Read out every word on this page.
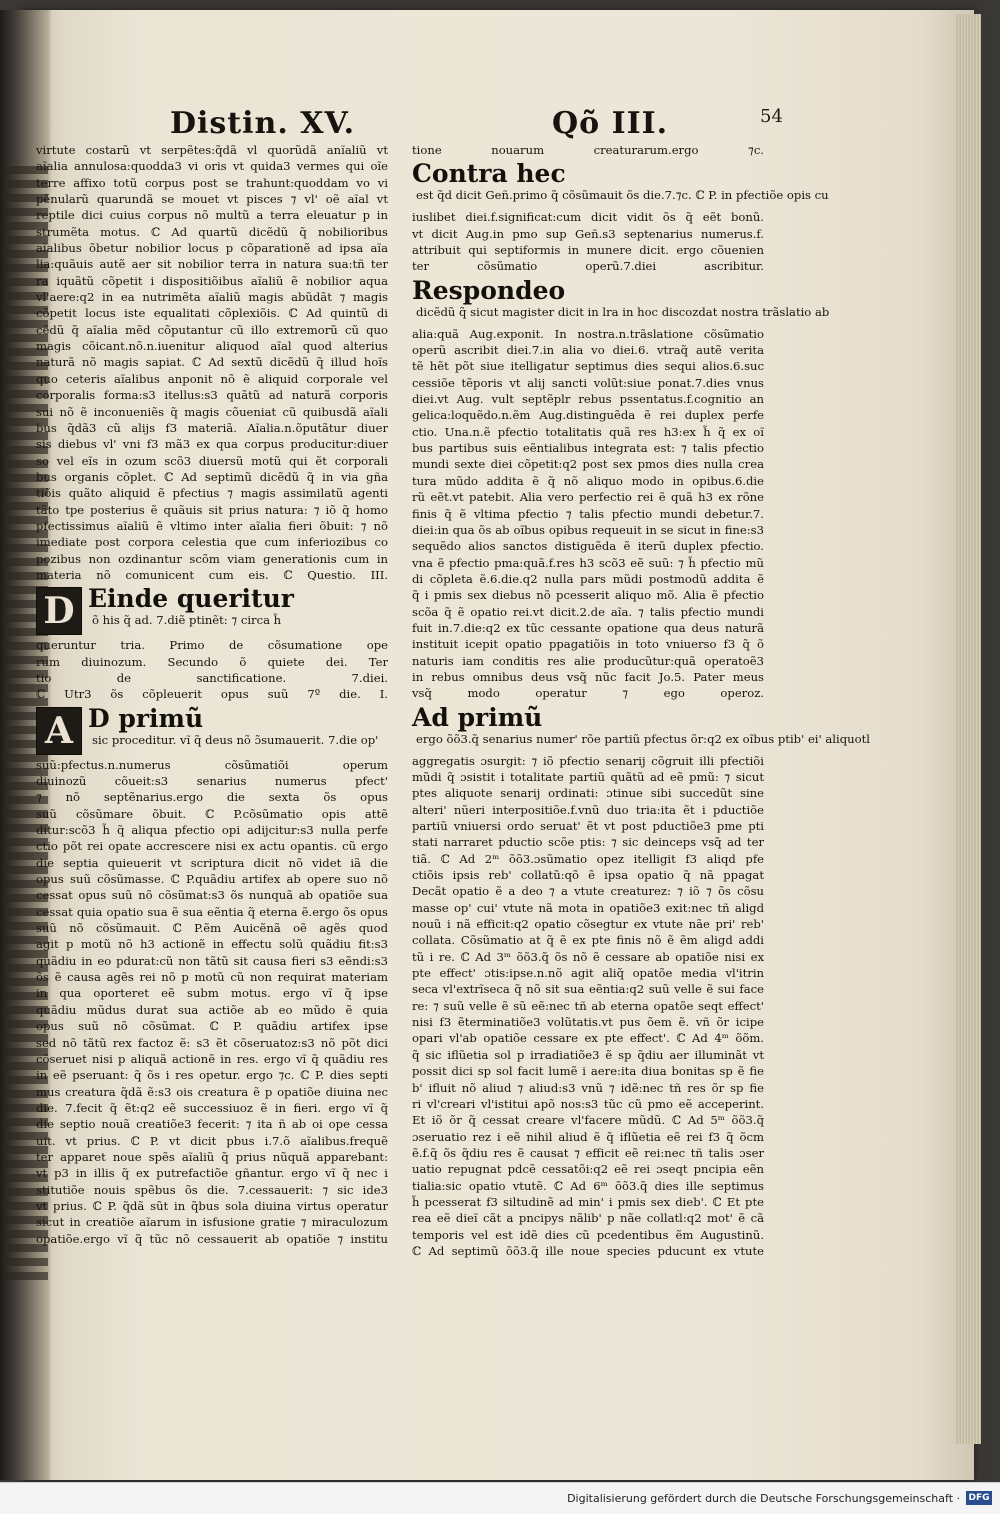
Distin. XV.	Qõ III.	54
virtute costarũ vt serpẽtes:q̃dã vl quorũdã anĩaliũ vt
aĩalia annulosa:quodda3 vi oris vt quida3 vermes qui oĩe
terre affixo totũ corpus post se trahunt:quoddam vo vi
pẽnularũ quarundã se mouet vt pisces ⁊ vl' oẽ aĩal vt
reptile dici cuius corpus nõ multũ a terra eleuatur p in
strumẽta motus. ℂ Ad quartũ dicẽdũ q̃ nobilioribus
aĩalibus õbetur nobilior locus p cõparationẽ ad ipsa aĩa
lia:quãuis autẽ aer sit nobilior terra in natura sua:tñ ter
ra iquãtũ cõpetit i dispositiõibus aĩaliũ ẽ nobilior aqua
vl'aere:q2 in ea nutrimẽta aĩaliũ magis abũdãt ⁊ magis
cõpetit locus iste equalitati cõplexiõis. ℂ Ad quintũ di
cẽdũ q̃ aĩalia mẽd cõputantur cũ illo extremorũ cũ quo
magis cõicant.nõ.n.iuenitur aliquod aĩal quod alterius
naturã nõ magis sapiat. ℂ Ad sextũ dicẽdũ q̃ illud hoĩs
quo ceteris aĩalibus anponit nõ ẽ aliquid corporale vel
corporalis forma:s3 itellus:s3 quãtũ ad naturã corporis
sui nõ ẽ inconueniẽs q̃ magis cõueniat cũ quibusdã aĩali
bus q̃dã3 cũ alijs f3 materiã. Aĩalia.n.õputãtur diuer
sis diebus vl' vni f3 mã3 ex qua corpus producitur:diuer
so vel eĩs in ozum scõ3 diuersũ motũ qui ẽt corporali
bus organis cõplet. ℂ Ad septimũ dicẽdũ q̃ in via gña
tiõis quãto aliquid ẽ pfectius ⁊ magis assimilatũ agenti
tãto tpe posterius ẽ quãuis sit prius natura: ⁊ iõ q̃ homo
pfectissimus aĩaliũ ẽ vltimo inter aĩalia fieri õbuit: ⁊ nõ
imediate post corpora celestia que cum inferiozibus co
pozibus non ozdinantur scõm viam generationis cum in
materia nõ comunicent cum eis. ℂ Questio. III.
D Einde queritur õ his q̃ ad. 7.diẽ ptinẽt: ⁊ circa h̃
queruntur tria. Primo de cõsumatione ope
rum diuinozum. Secundo õ quiete dei. Ter
tio de sanctificatione. 7.diei.
ℂ Utr3 õs cõpleuerit opus suũ 7º die. I.
A D primũ sic proceditur. vĩ q̃ deus nõ ɔ̃sumauerit. 7.die op'
suũ:pfectus.n.numerus cõsũmatiõi operum
diuinozũ cõueit:s3 senarius numerus pfect'
⁊ nõ septẽnarius.ergo die sexta õs opus
suũ cõsũmare õbuit. ℂ P.cõsũmatio opis attẽ
ditur:scõ3 h̃ q̃ aliqua pfectio opi adijcitur:s3 nulla perfe
ctio põt rei opate accrescere nisi ex actu opantis. cũ ergo
die septia quieuerit vt scriptura dicit nõ videt iã die
opus suũ cõsũmasse. ℂ P.quãdiu artifex ab opere suo nõ
cessat opus suũ nõ cõsũmat:s3 õs nunquã ab opatiõe sua
cessat quia opatio sua ẽ sua eẽntia q̃ eterna ẽ.ergo õs opus
suũ nõ cõsũmauit. ℂ P.ẽm Auicẽnã oẽ agẽs quod
agit p motũ nõ h3 actionẽ in effectu solũ quãdiu fit:s3
quãdiu in eo pdurat:cũ non tãtũ sit causa fieri s3 eẽndi:s3
õs ẽ causa agẽs rei nõ p motũ cũ non requirat materiam
in qua oporteret eẽ subm motus. ergo vĩ q̃ ipse
quãdiu mũdus durat sua actiõe ab eo mũdo ẽ quia
opus suũ nõ cõsũmat. ℂ P. quãdiu artifex ipse
sed nõ tãtũ rex factoz ẽ: s3 ẽt cõseruatoz:s3 nõ põt dici
cõseruet nisi p aliquã actionẽ in res. ergo vĩ q̃ quãdiu res
in eẽ pseruant: q̃ õs i res opetur. ergo ⁊c. ℂ P. dies septi
mus creatura q̃dã ẽ:s3 ois creatura ẽ p opatiõe diuina nec
die. 7.fecit q̃ ẽt:q2 eẽ successiuoz ẽ in fieri. ergo vĩ q̃
die septio nouã creatiõe3 fecerit: ⁊ ita ñ ab oi ope cessa
uit. vt prius. ℂ P. vt dicit pbus i.7.õ aĩalibus.frequẽ
ter apparet noue spẽs aĩaliũ q̃ prius nũquã apparebant:
vt p3 in illis q̃ ex putrefactiõe gñantur. ergo vĩ q̃ nec i
stitutiõe nouis spẽbus õs die. 7.cessauerit: ⁊ sic ide3
vt prius. ℂ P. q̃dã sũt in q̃bus sola diuina virtus operatur
sicut in creatiõe aĩarum in isfusione gratie ⁊ miraculozum
opatiõe.ergo vĩ q̃ tũc nõ cessauerit ab opatiõe ⁊ institu
tione nouarum creaturarum.ergo ⁊c.
Contra hec est q̃d dicit Geñ.primo q̃ cõsũmauit õs die.7.⁊c. ℂ P. in pfectiõe opis cu
iuslibet diei.f.significat:cum dicit vidit õs q̃ eẽt bonũ.
vt dicit Aug.in pmo sup Geñ.s3 septenarius numerus.f.
attribuit qui septiformis in munere dicit. ergo cõuenien
ter cõsũmatio operũ.7.diei ascribitur.
Respondeo dicẽdũ q̃ sicut magister dicit in lra in hoc discozdat nostra trãslatio ab
alia:quã Aug.exponit. In nostra.n.trãslatione cõsũmatio
operũ ascribit diei.7.in alia vo diei.6. vtraq̃ autẽ verita
tẽ hẽt põt siue itelligatur septimus dies sequi alios.6.suc
cessiõe tẽporis vt alij sancti volũt:siue ponat.7.dies vnus
diei.vt Aug. vult septẽplr rebus pssentatus.f.cognitio an
gelica:loquẽdo.n.ẽm Aug.distinguẽda ẽ rei duplex perfe
ctio. Una.n.ẽ pfectio totalitatis quã res h3:ex h̃ q̃ ex oĩ
bus partibus suis eẽntialibus integrata est: ⁊ talis pfectio
mundi sexte diei cõpetit:q2 post sex pmos dies nulla crea
tura mũdo addita ẽ q̃ nõ aliquo modo in opibus.6.die
rũ eẽt.vt patebit. Alia vero perfectio rei ẽ quã h3 ex rõne
finis q̃ ẽ vltima pfectio ⁊ talis pfectio mundi debetur.7.
diei:in qua õs ab oĩbus opibus requeuit in se sicut in fine:s3
sequẽdo alios sanctos distiguẽda ẽ iterũ duplex pfectio.
vna ẽ pfectio pma:quã.f.res h3 scõ3 eẽ suũ: ⁊ h̃ pfectio mũ
di cõpleta ẽ.6.die.q2 nulla pars mũdi postmodũ addita ẽ
q̃ i pmis sex diebus nõ pcesserit aliquo mõ. Alia ẽ pfectio
scõa q̃ ẽ opatio rei.vt dicit.2.de aĩa. ⁊ talis pfectio mundi
fuit in.7.die:q2 ex tũc cessante opatione qua deus naturã
instituit icepit opatio ppagatiõis in toto vniuerso f3 q̃ õ
naturis iam conditis res alie producũtur:quã operatoẽ3
in rebus omnibus deus vsq̃ nũc facit Jo.5. Pater meus
vsq̃ modo operatur ⁊ ego operoz.
Ad primũ ergo õõ3.q̃ senarius numer' rõe partiũ pfectus õr:q2 ex oĩbus ptib' ei' aliquotl
aggregatis ɔsurgit: ⁊ iõ pfectio senarij cõgruit illi pfectiõi
mũdi q̃ ɔsistit i totalitate partiũ quãtũ ad eẽ pmũ: ⁊ sicut
ptes aliquote senarij ordinati: ɔtinue sibi succedũt sine
alteri' nũeri interpositiõe.f.vnũ duo tria:ita ẽt i pductiõe
partiũ vniuersi ordo seruat' ẽt vt post pductiõe3 pme pti
stati narraret pductio scõe ptis: ⁊ sic deinceps vsq̃ ad ter
tiã. ℂ Ad 2ᵐ õõ3.ɔsũmatio opez itelligit f3 aliqd pfe
ctiõis ipsis reb' collatũ:qõ ẽ ipsa opatio q̃ nã ppagat
Decãt opatio ẽ a deo ⁊ a vtute creaturez: ⁊ iõ ⁊ õs cõsu
masse op' cui' vtute nã mota in opatiõe3 exit:nec tñ aligd
nouũ i nã efficit:q2 opatio cõsegtur ex vtute nãe pri' reb'
collata. Cõsũmatio at q̃ ẽ ex pte finis nõ ẽ ẽm aligd addi
tũ i re. ℂ Ad 3ᵐ õõ3.q̃ õs nõ ẽ cessare ab opatiõe nisi ex
pte effect' ɔtis:ipse.n.nõ agit aliq̃ opatõe media vl'itrin
seca vl'extrĩseca q̃ nõ sit sua eẽntia:q2 suũ velle ẽ sui face
re: ⁊ suũ velle ẽ sũ eẽ:nec tñ ab eterna opatõe seqt effect'
nisi f3 ẽterminatiõe3 volũtatis.vt pus õem ẽ. vñ õr icipe
opari vl'ab opatiõe cessare ex pte effect'. ℂ Ad 4ᵐ õõm.
q̃ sic iflũetia sol p irradiatiõe3 ẽ sp q̃diu aer illuminãt vt
possit dici sp sol facit lumẽ i aere:ita diua bonitas sp ẽ fie
b' ifluit nõ aliud ⁊ aliud:s3 vnũ ⁊ idẽ:nec tñ res õr sp fie
ri vl'creari vl'istitui apõ nos:s3 tũc cũ pmo eẽ acceperint.
Et iõ õr q̃ cessat creare vl'facere mũdũ. ℂ Ad 5ᵐ õõ3.q̃
ɔseruatio rez i eẽ nihil aliud ẽ q̃ iflũetia eẽ rei f3 q̃ õcm
ẽ.f.q̃ õs q̃diu res ẽ causat ⁊ efficit eẽ rei:nec tñ talis ɔser
uatio repugnat pdcẽ cessatõi:q2 eẽ rei ɔseqt pncipia eẽn
tialia:sic opatio vtutẽ. ℂ Ad 6ᵐ õõ3.q̃ dies ille septimus
h̃ pcesserat f3 siltudinẽ ad min' i pmis sex dieb'. ℂ Et pte
rea eẽ dieĩ cãt a pncipys nãlib' p nãe collatl:q2 mot' ẽ cã
temporis vel est idẽ dies cũ pcedentibus ẽm Augustinũ.
ℂ Ad septimũ õõ3.q̃ ille noue species pducunt ex vtute
Digitalisierung gefördert durch die Deutsche Forschungsgemeinschaft · DFG
